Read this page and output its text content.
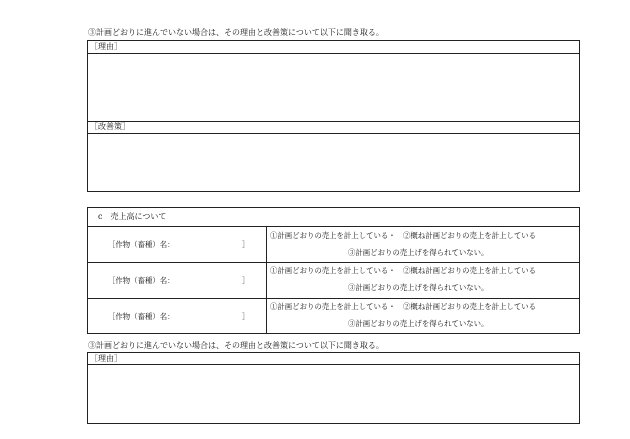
③計画どおりに進んでいない場合は、その理由と改善策について以下に聞き取る。
［理由］
［改善策］
c　売上高について
［作物（畜種）名：	］
①計画どおりの売上を計上している・　②概ね計画どおりの売上を計上している
③計画どおりの売上げを得られていない。
［作物（畜種）名：	］
①計画どおりの売上を計上している・　②概ね計画どおりの売上を計上している
③計画どおりの売上げを得られていない。
［作物（畜種）名：	］
①計画どおりの売上を計上している・　②概ね計画どおりの売上を計上している
③計画どおりの売上げを得られていない。
③計画どおりに進んでいない場合は、その理由と改善策について以下に聞き取る。
［理由］
